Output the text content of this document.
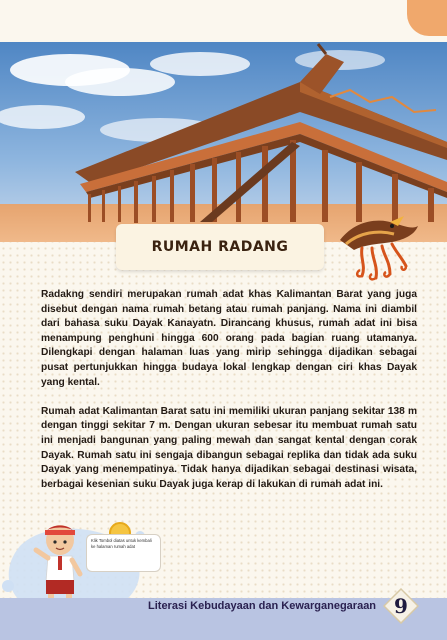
RUMAH RADANG

Radakng sendiri merupakan rumah adat khas Kalimantan Barat yang juga disebut dengan nama rumah betang atau rumah panjang. Nama ini diambil dari bahasa suku Dayak Kanayatn. Dirancang khusus, rumah adat ini bisa menampung penghuni hingga 600 orang pada bagian ruang utamanya. Dilengkapi dengan halaman luas yang mirip sehingga dijadikan sebagai pusat pertunjukkan hingga budaya lokal lengkap dengan ciri khas Dayak yang kental.

Rumah adat Kalimantan Barat satu ini memiliki ukuran panjang sekitar 138 m dengan tinggi sekitar 7 m. Dengan ukuran sebesar itu membuat rumah satu ini menjadi bangunan yang paling mewah dan sangat kental dengan corak Dayak. Rumah satu ini sengaja dibangun sebagai replika dan tidak ada suku Dayak yang menempatinya. Tidak hanya dijadikan sebagai destinasi wisata, berbagai kesenian suku Dayak juga kerap di lakukan di rumah adat ini.

Klik Tombol diatas untuk kembali ke halaman rumah adat
Literasi Kebudayaan dan Kewarganegaraan 9
